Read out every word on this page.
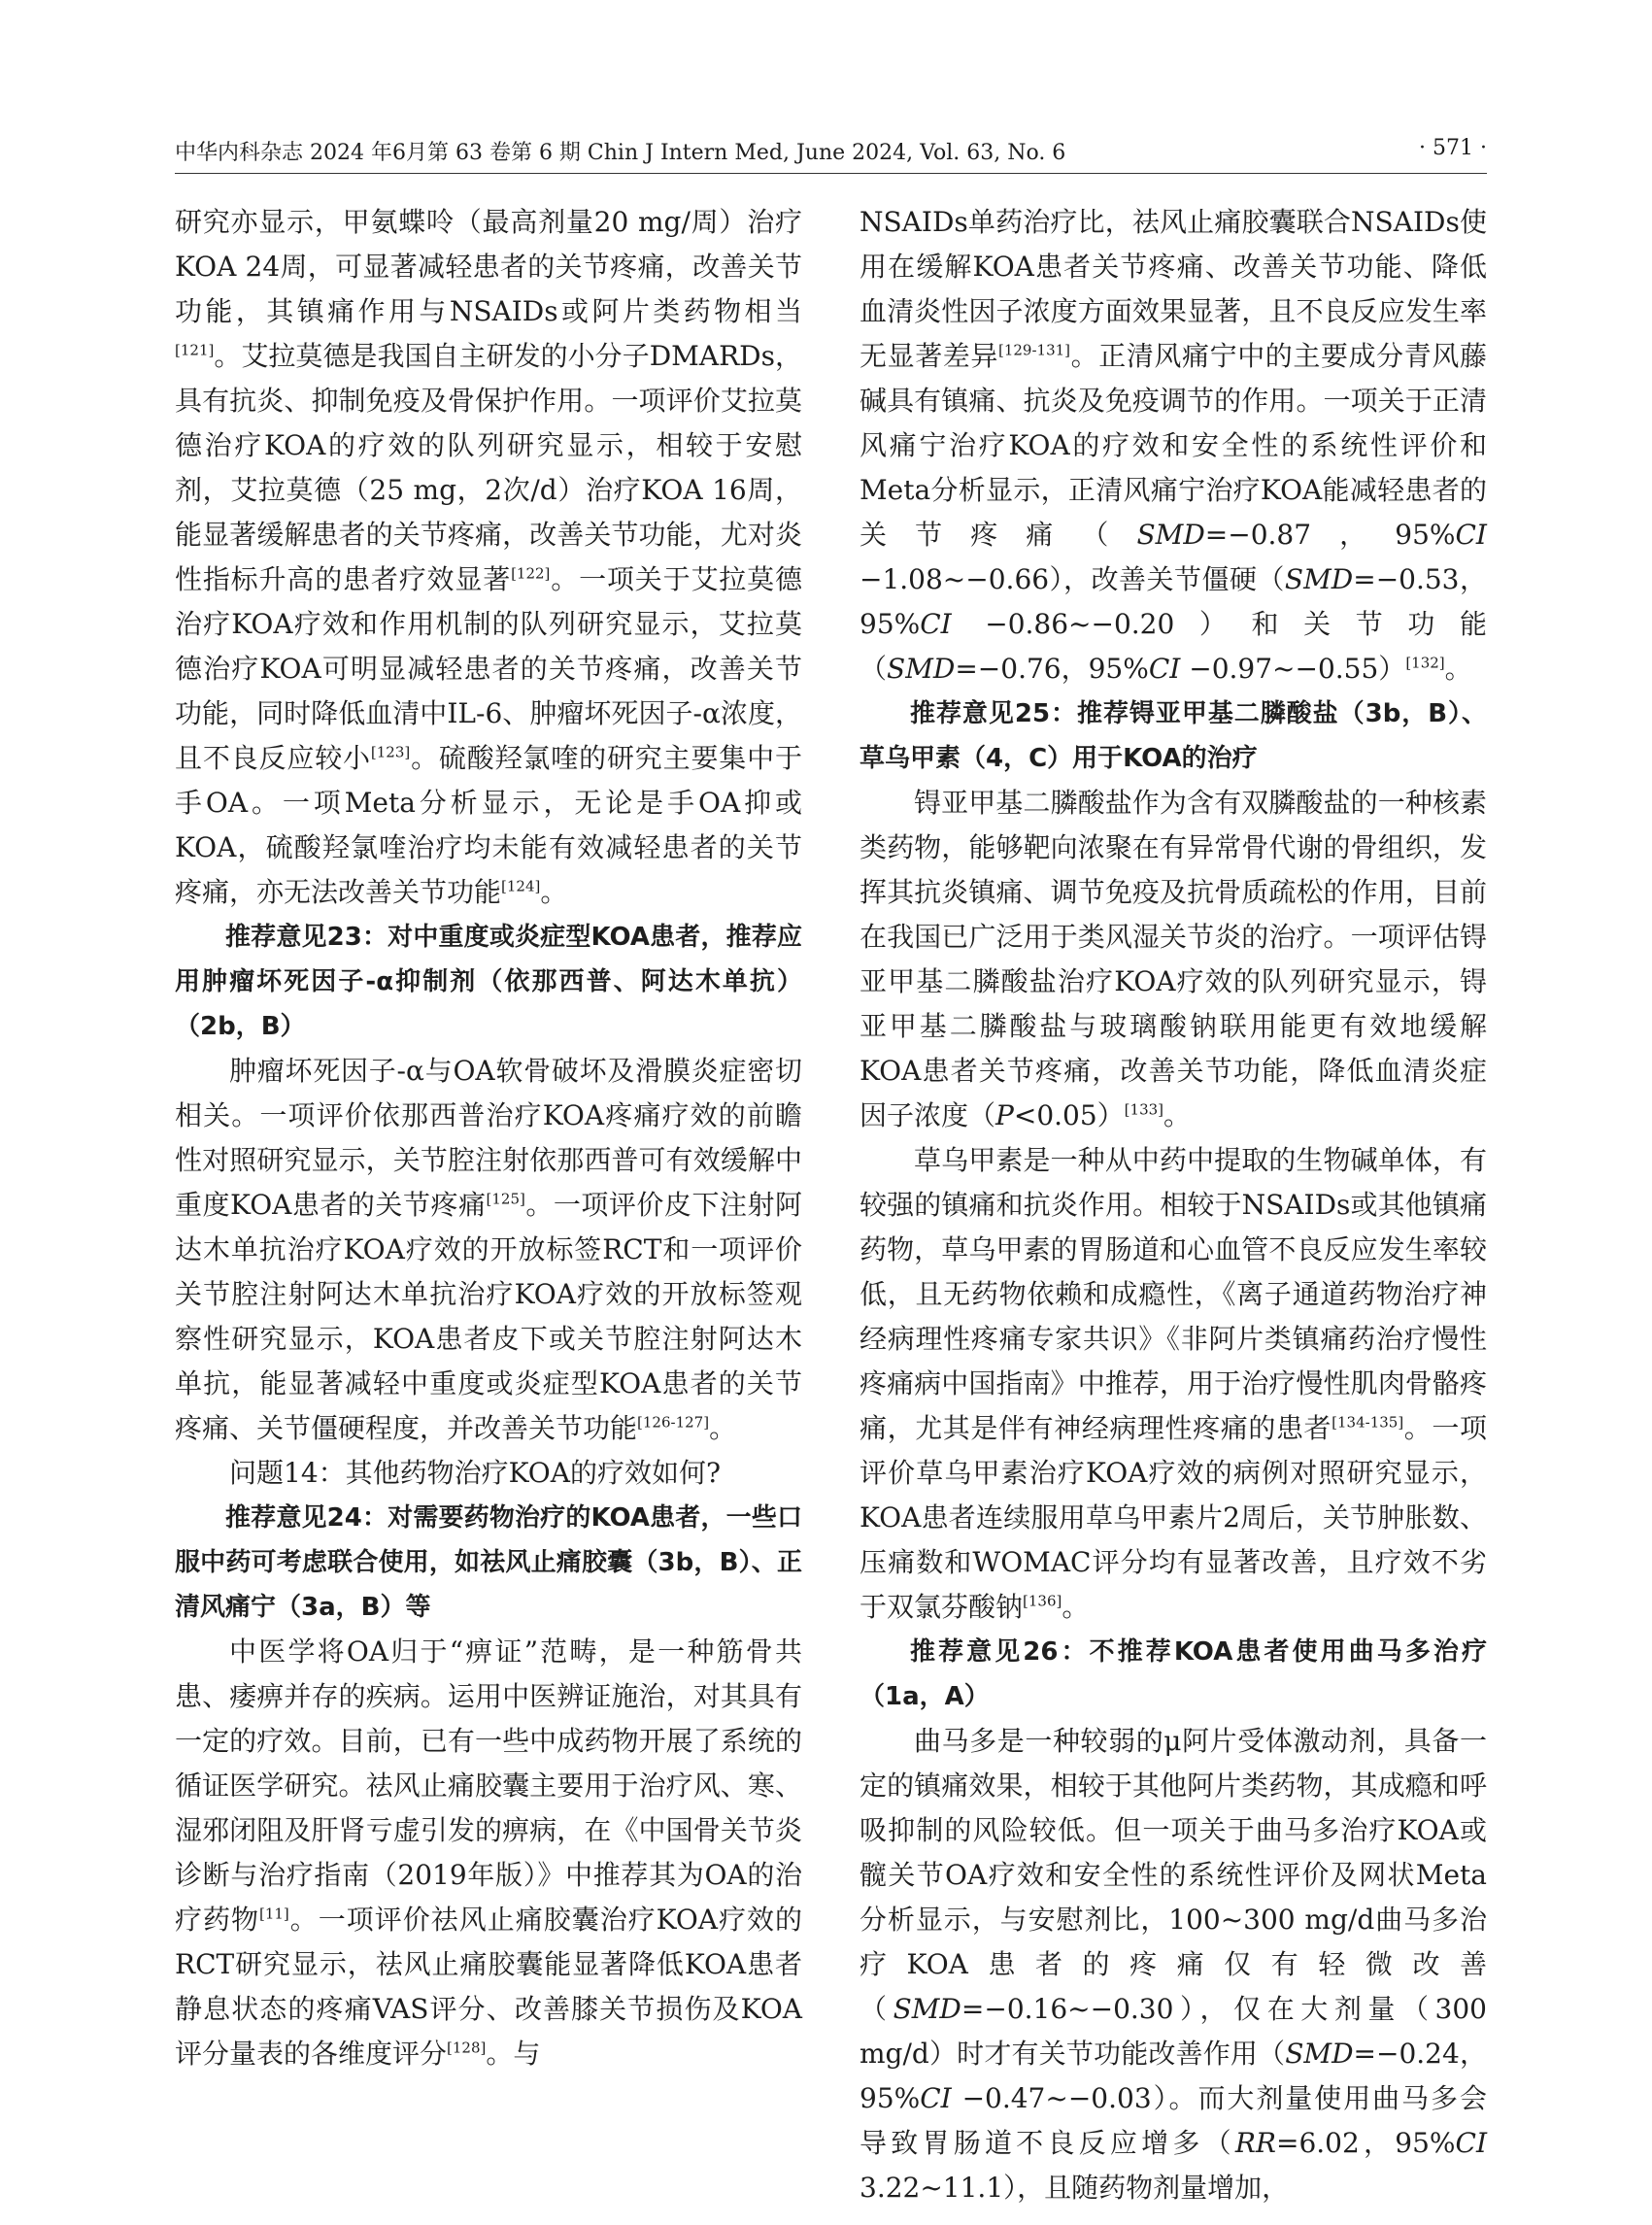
中华内科杂志 2024 年6月第 63 卷第 6 期 Chin J Intern Med, June 2024, Vol. 63, No. 6	· 571 ·

研究亦显示，甲氨蝶呤（最高剂量20 mg/周）治疗KOA 24周，可显著减轻患者的关节疼痛，改善关节功能，其镇痛作用与NSAIDs或阿片类药物相当[121]。艾拉莫德是我国自主研发的小分子DMARDs，具有抗炎、抑制免疫及骨保护作用。一项评价艾拉莫德治疗KOA的疗效的队列研究显示，相较于安慰剂，艾拉莫德（25 mg，2次/d）治疗KOA 16周，能显著缓解患者的关节疼痛，改善关节功能，尤对炎性指标升高的患者疗效显著[122]。一项关于艾拉莫德治疗KOA疗效和作用机制的队列研究显示，艾拉莫德治疗KOA可明显减轻患者的关节疼痛，改善关节功能，同时降低血清中IL-6、肿瘤坏死因子-α浓度，且不良反应较小[123]。硫酸羟氯喹的研究主要集中于手OA。一项Meta分析显示，无论是手OA抑或KOA，硫酸羟氯喹治疗均未能有效减轻患者的关节疼痛，亦无法改善关节功能[124]。

推荐意见23：对中重度或炎症型KOA患者，推荐应用肿瘤坏死因子-α抑制剂（依那西普、阿达木单抗）（2b，B）

肿瘤坏死因子-α与OA软骨破坏及滑膜炎症密切相关。一项评价依那西普治疗KOA疼痛疗效的前瞻性对照研究显示，关节腔注射依那西普可有效缓解中重度KOA患者的关节疼痛[125]。一项评价皮下注射阿达木单抗治疗KOA疗效的开放标签RCT和一项评价关节腔注射阿达木单抗治疗KOA疗效的开放标签观察性研究显示，KOA患者皮下或关节腔注射阿达木单抗，能显著减轻中重度或炎症型KOA患者的关节疼痛、关节僵硬程度，并改善关节功能[126-127]。

问题14：其他药物治疗KOA的疗效如何?

推荐意见24：对需要药物治疗的KOA患者，一些口服中药可考虑联合使用，如祛风止痛胶囊（3b，B）、正清风痛宁（3a，B）等

中医学将OA归于“痹证”范畴，是一种筋骨共患、痿痹并存的疾病。运用中医辨证施治，对其具有一定的疗效。目前，已有一些中成药物开展了系统的循证医学研究。祛风止痛胶囊主要用于治疗风、寒、湿邪闭阻及肝肾亏虚引发的痹病，在《中国骨关节炎诊断与治疗指南（2019年版）》中推荐其为OA的治疗药物[11]。一项评价祛风止痛胶囊治疗KOA疗效的RCT研究显示，祛风止痛胶囊能显著降低KOA患者静息状态的疼痛VAS评分、改善膝关节损伤及KOA评分量表的各维度评分[128]。与

NSAIDs单药治疗比，祛风止痛胶囊联合NSAIDs使用在缓解KOA患者关节疼痛、改善关节功能、降低血清炎性因子浓度方面效果显著，且不良反应发生率无显著差异[129-131]。正清风痛宁中的主要成分青风藤碱具有镇痛、抗炎及免疫调节的作用。一项关于正清风痛宁治疗KOA的疗效和安全性的系统性评价和Meta分析显示，正清风痛宁治疗KOA能减轻患者的关节疼痛（SMD=−0.87，95%CI −1.08~−0.66），改善关节僵硬（SMD=−0.53，95%CI −0.86~−0.20）和关节功能（SMD=−0.76，95%CI −0.97~−0.55）[132]。

推荐意见25：推荐锝亚甲基二膦酸盐（3b，B）、草乌甲素（4，C）用于KOA的治疗

锝亚甲基二膦酸盐作为含有双膦酸盐的一种核素类药物，能够靶向浓聚在有异常骨代谢的骨组织，发挥其抗炎镇痛、调节免疫及抗骨质疏松的作用，目前在我国已广泛用于类风湿关节炎的治疗。一项评估锝亚甲基二膦酸盐治疗KOA疗效的队列研究显示，锝亚甲基二膦酸盐与玻璃酸钠联用能更有效地缓解KOA患者关节疼痛，改善关节功能，降低血清炎症因子浓度（P<0.05）[133]。

草乌甲素是一种从中药中提取的生物碱单体，有较强的镇痛和抗炎作用。相较于NSAIDs或其他镇痛药物，草乌甲素的胃肠道和心血管不良反应发生率较低，且无药物依赖和成瘾性，《离子通道药物治疗神经病理性疼痛专家共识》《非阿片类镇痛药治疗慢性疼痛病中国指南》中推荐，用于治疗慢性肌肉骨骼疼痛，尤其是伴有神经病理性疼痛的患者[134-135]。一项评价草乌甲素治疗KOA疗效的病例对照研究显示，KOA患者连续服用草乌甲素片2周后，关节肿胀数、压痛数和WOMAC评分均有显著改善，且疗效不劣于双氯芬酸钠[136]。

推荐意见26：不推荐KOA患者使用曲马多治疗（1a，A）

曲马多是一种较弱的μ阿片受体激动剂，具备一定的镇痛效果，相较于其他阿片类药物，其成瘾和呼吸抑制的风险较低。但一项关于曲马多治疗KOA或髋关节OA疗效和安全性的系统性评价及网状Meta分析显示，与安慰剂比，100~300 mg/d曲马多治疗KOA患者的疼痛仅有轻微改善（SMD=−0.16~−0.30），仅在大剂量（300 mg/d）时才有关节功能改善作用（SMD=−0.24，95%CI −0.47~−0.03）。而大剂量使用曲马多会导致胃肠道不良反应增多（RR=6.02，95%CI 3.22~11.1），且随药物剂量增加，
